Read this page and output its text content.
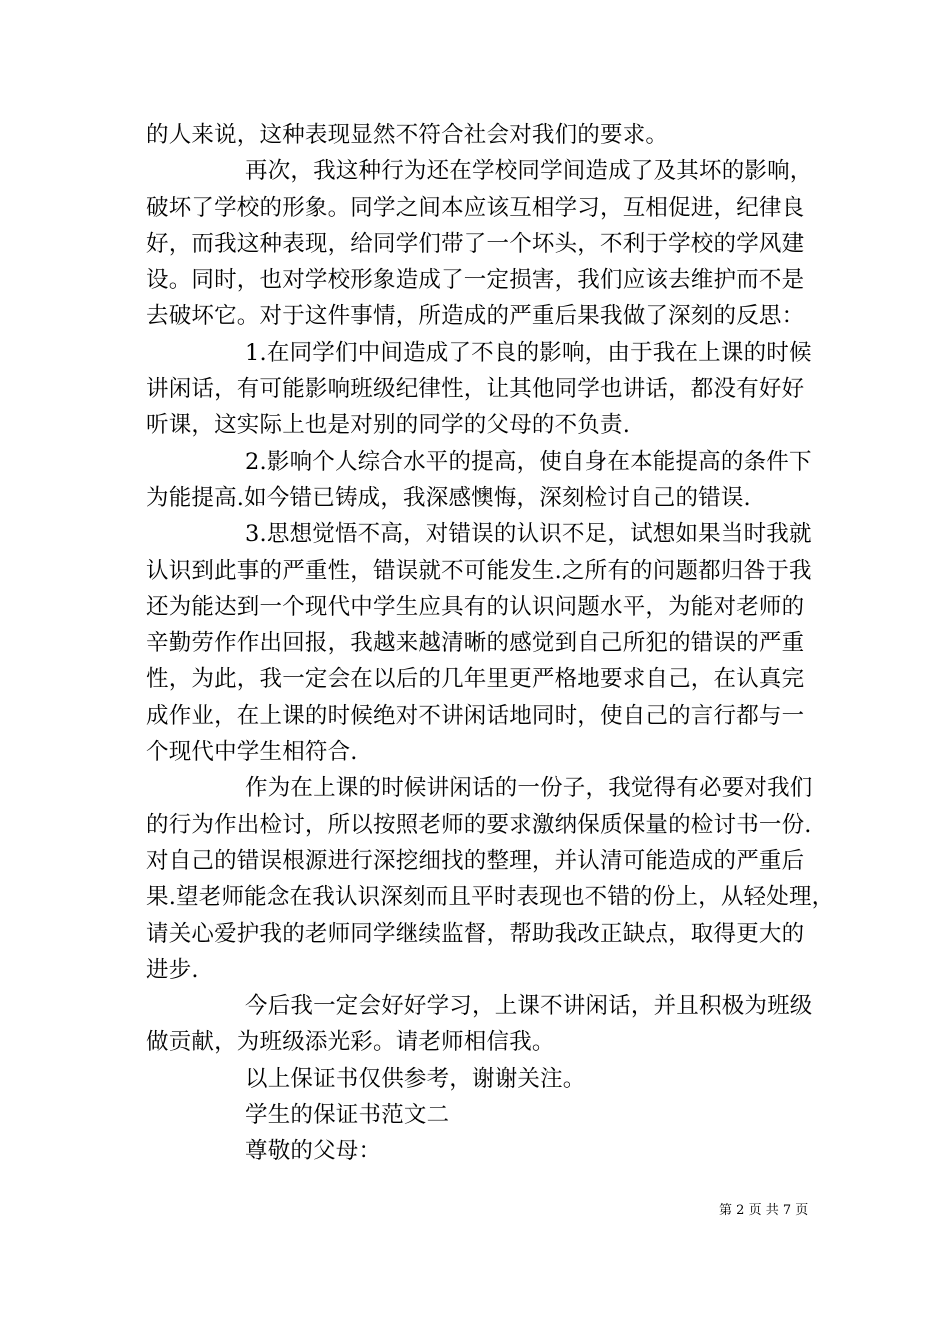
的人来说，这种表现显然不符合社会对我们的要求。
再次，我这种行为还在学校同学间造成了及其坏的影响，
破坏了学校的形象。同学之间本应该互相学习，互相促进，纪律良
好，而我这种表现，给同学们带了一个坏头，不利于学校的学风建
设。同时，也对学校形象造成了一定损害，我们应该去维护而不是
去破坏它。对于这件事情，所造成的严重后果我做了深刻的反思：
1.在同学们中间造成了不良的影响，由于我在上课的时候
讲闲话，有可能影响班级纪律性，让其他同学也讲话，都没有好好
听课，这实际上也是对别的同学的父母的不负责.
2.影响个人综合水平的提高，使自身在本能提高的条件下
为能提高.如今错已铸成，我深感懊悔，深刻检讨自己的错误.
3.思想觉悟不高，对错误的认识不足，试想如果当时我就
认识到此事的严重性，错误就不可能发生.之所有的问题都归咎于我
还为能达到一个现代中学生应具有的认识问题水平，为能对老师的
辛勤劳作作出回报，我越来越清晰的感觉到自己所犯的错误的严重
性，为此，我一定会在以后的几年里更严格地要求自己，在认真完
成作业，在上课的时候绝对不讲闲话地同时，使自己的言行都与一
个现代中学生相符合.
作为在上课的时候讲闲话的一份子，我觉得有必要对我们
的行为作出检讨，所以按照老师的要求激纳保质保量的检讨书一份.
对自己的错误根源进行深挖细找的整理，并认清可能造成的严重后
果.望老师能念在我认识深刻而且平时表现也不错的份上，从轻处理，
请关心爱护我的老师同学继续监督，帮助我改正缺点，取得更大的
进步.
今后我一定会好好学习，上课不讲闲话，并且积极为班级
做贡献，为班级添光彩。请老师相信我。
以上保证书仅供参考，谢谢关注。
学生的保证书范文二
尊敬的父母：
第 2 页 共 7 页
